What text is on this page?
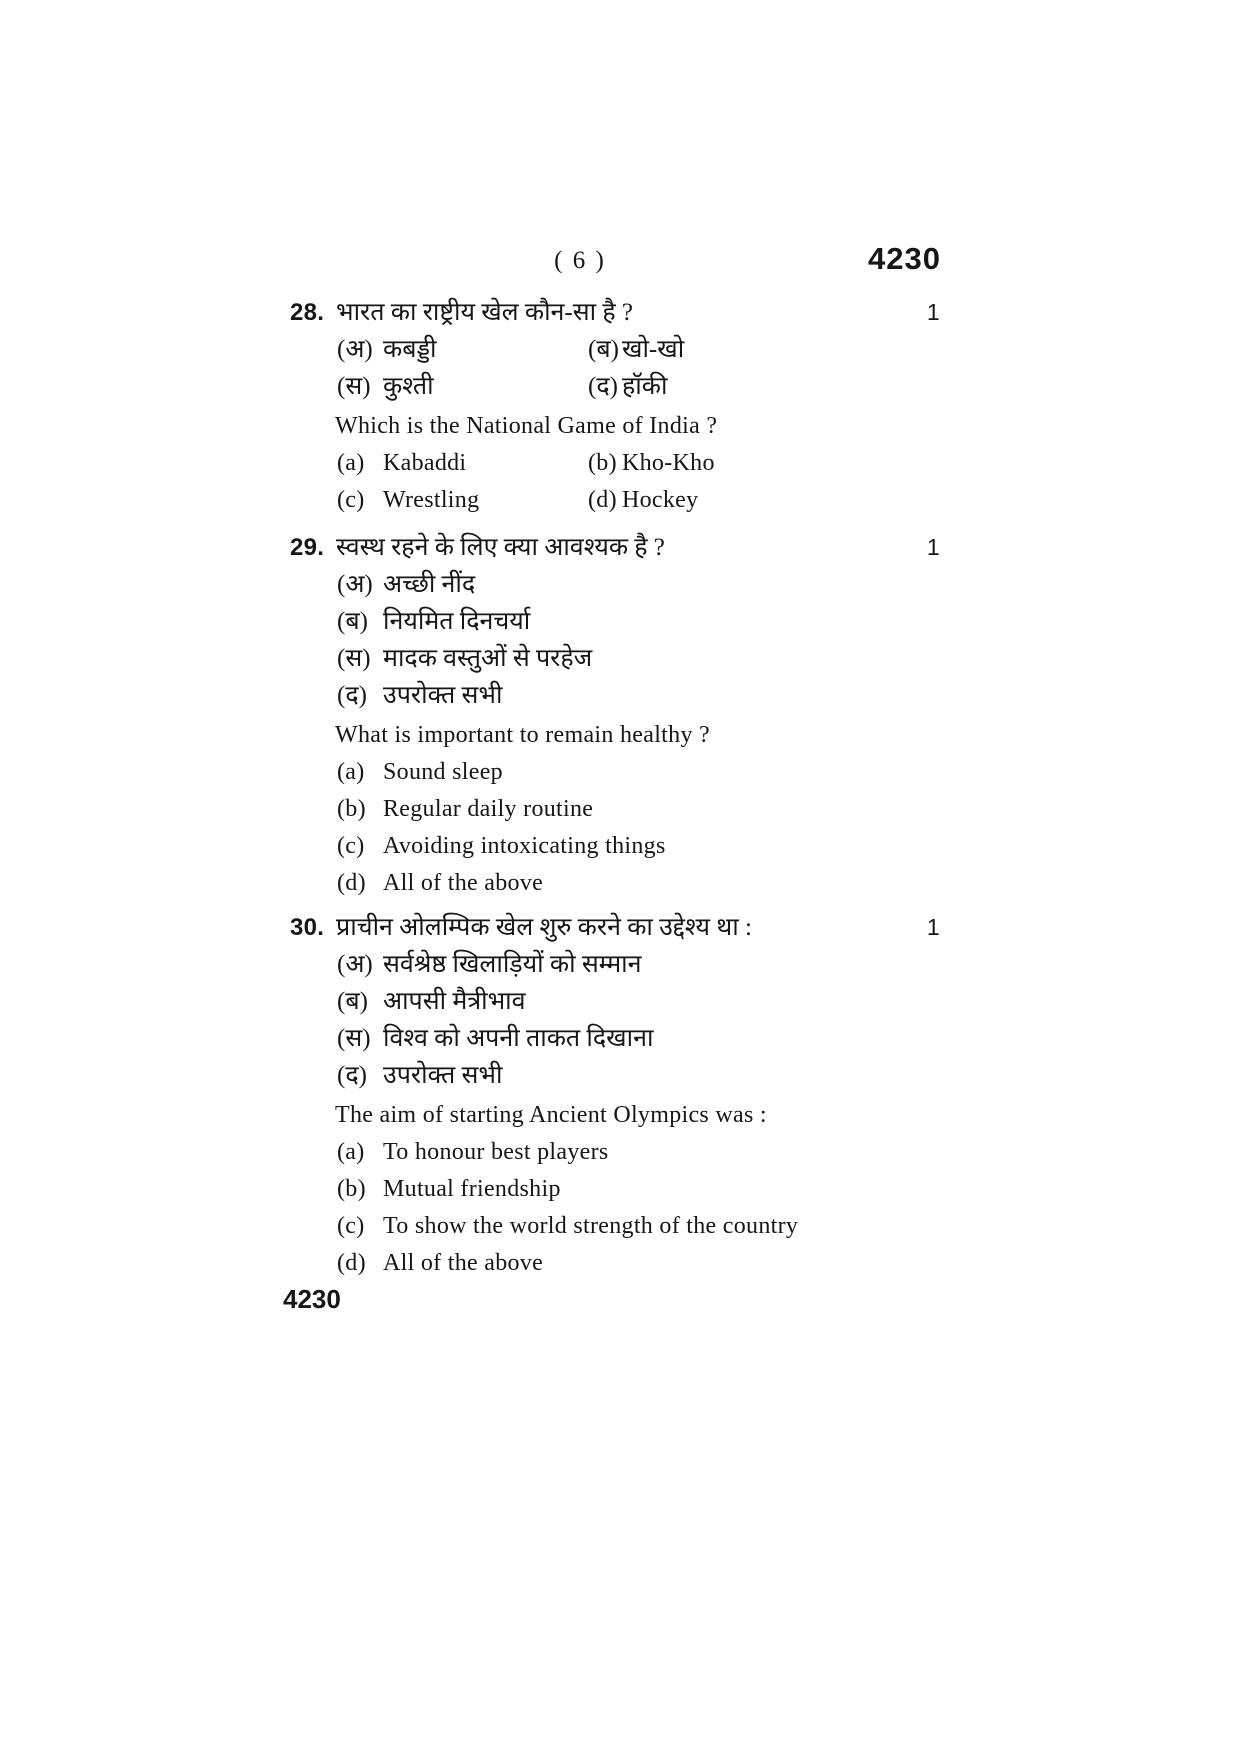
( 6 )	4230
28. भारत का राष्ट्रीय खेल कौन-सा है ?	1
(अ) कबड्डी	(ब) खो-खो
(स) कुश्ती	(द) हॉकी
Which is the National Game of India ?
(a) Kabaddi	(b) Kho-Kho
(c) Wrestling	(d) Hockey
29. स्वस्थ रहने के लिए क्या आवश्यक है ?	1
(अ) अच्छी नींद
(ब) नियमित दिनचर्या
(स) मादक वस्तुओं से परहेज
(द) उपरोक्त सभी
What is important to remain healthy ?
(a) Sound sleep
(b) Regular daily routine
(c) Avoiding intoxicating things
(d) All of the above
30. प्राचीन ओलम्पिक खेल शुरु करने का उद्देश्य था :	1
(अ) सर्वश्रेष्ठ खिलाड़ियों को सम्मान
(ब) आपसी मैत्रीभाव
(स) विश्व को अपनी ताकत दिखाना
(द) उपरोक्त सभी
The aim of starting Ancient Olympics was :
(a) To honour best players
(b) Mutual friendship
(c) To show the world strength of the country
(d) All of the above
4230
